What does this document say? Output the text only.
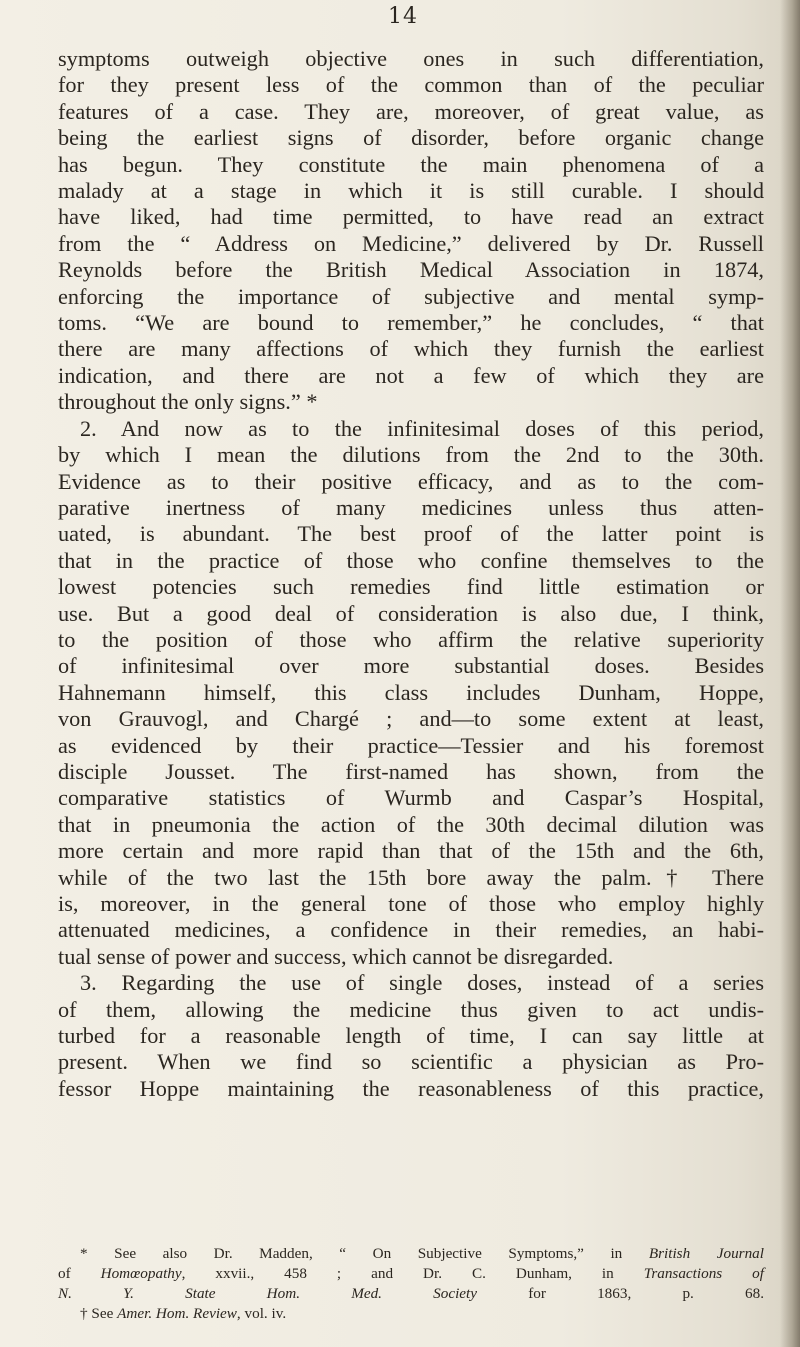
14
symptoms outweigh objective ones in such differentiation,
for they present less of the common than of the peculiar
features of a case. They are, moreover, of great value, as
being the earliest signs of disorder, before organic change
has begun. They constitute the main phenomena of a
malady at a stage in which it is still curable. I should
have liked, had time permitted, to have read an extract
from the “ Address on Medicine,” delivered by Dr. Russell
Reynolds before the British Medical Association in 1874,
enforcing the importance of subjective and mental symp-
toms. “We are bound to remember,” he concludes, “ that
there are many affections of which they furnish the earliest
indication, and there are not a few of which they are
throughout the only signs.” *
2. And now as to the infinitesimal doses of this period,
by which I mean the dilutions from the 2nd to the 30th.
Evidence as to their positive efficacy, and as to the com-
parative inertness of many medicines unless thus atten-
uated, is abundant. The best proof of the latter point is
that in the practice of those who confine themselves to the
lowest potencies such remedies find little estimation or
use. But a good deal of consideration is also due, I think,
to the position of those who affirm the relative superiority
of infinitesimal over more substantial doses. Besides
Hahnemann himself, this class includes Dunham, Hoppe,
von Grauvogl, and Chargé ; and—to some extent at least,
as evidenced by their practice—Tessier and his foremost
disciple Jousset. The first-named has shown, from the
comparative statistics of Wurmb and Caspar’s Hospital,
that in pneumonia the action of the 30th decimal dilution was
more certain and more rapid than that of the 15th and the 6th,
while of the two last the 15th bore away the palm.† There
is, moreover, in the general tone of those who employ highly
attenuated medicines, a confidence in their remedies, an habi-
tual sense of power and success, which cannot be disregarded.
3. Regarding the use of single doses, instead of a series
of them, allowing the medicine thus given to act undis-
turbed for a reasonable length of time, I can say little at
present. When we find so scientific a physician as Pro-
fessor Hoppe maintaining the reasonableness of this practice,
* See also Dr. Madden, “ On Subjective Symptoms,” in British Journal
of Homœopathy, xxvii., 458 ; and Dr. C. Dunham, in Transactions of
N. Y. State Hom. Med. Society for 1863, p. 68.
† See Amer. Hom. Review, vol. iv.
